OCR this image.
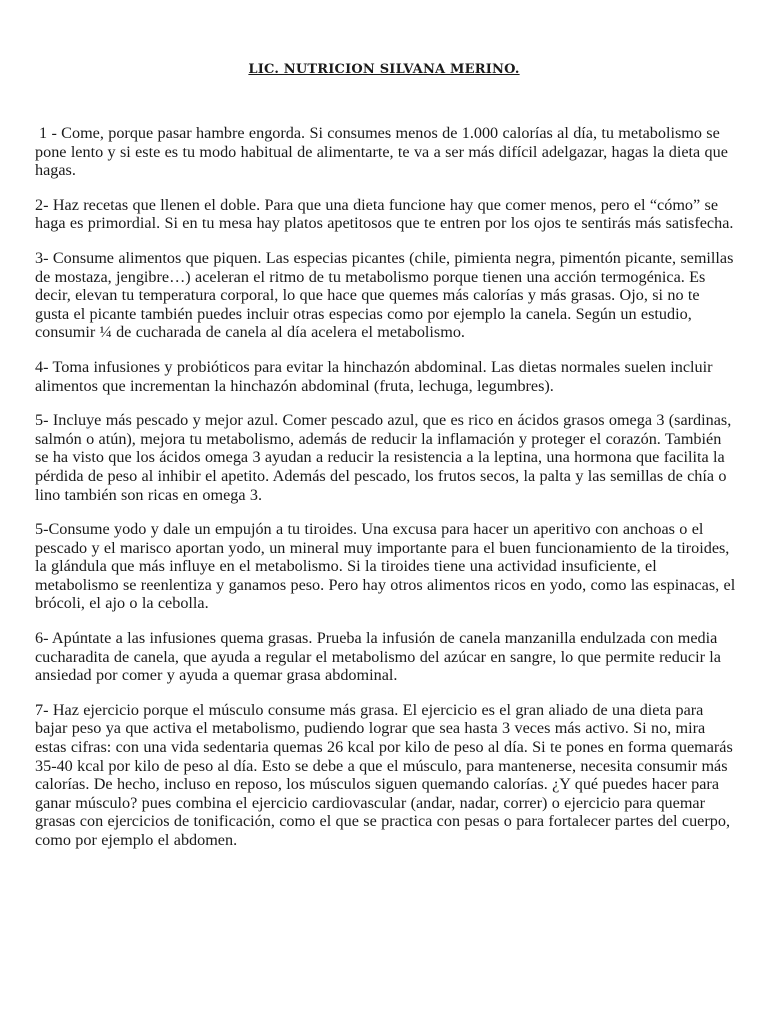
LIC. NUTRICION SILVANA MERINO.

1 - Come, porque pasar hambre engorda. Si consumes menos de 1.000 calorías al día, tu metabolismo se pone lento y si este es tu modo habitual de alimentarte, te va a ser más difícil adelgazar, hagas la dieta que hagas.

2- Haz recetas que llenen el doble. Para que una dieta funcione hay que comer menos, pero el “cómo” se haga es primordial. Si en tu mesa hay platos apetitosos que te entren por los ojos te sentirás más satisfecha.

3- Consume alimentos que piquen. Las especias picantes (chile, pimienta negra, pimentón picante, semillas de mostaza, jengibre…) aceleran el ritmo de tu metabolismo porque tienen una acción termogénica. Es decir, elevan tu temperatura corporal, lo que hace que quemes más calorías y más grasas. Ojo, si no te gusta el picante también puedes incluir otras especias como por ejemplo la canela. Según un estudio, consumir ¼ de cucharada de canela al día acelera el metabolismo.

4- Toma infusiones y probióticos para evitar la hinchazón abdominal. Las dietas normales suelen incluir alimentos que incrementan la hinchazón abdominal (fruta, lechuga, legumbres).

5- Incluye más pescado y mejor azul. Comer pescado azul, que es rico en ácidos grasos omega 3 (sardinas, salmón o atún), mejora tu metabolismo, además de reducir la inflamación y proteger el corazón. También se ha visto que los ácidos omega 3 ayudan a reducir la resistencia a la leptina, una hormona que facilita la pérdida de peso al inhibir el apetito. Además del pescado, los frutos secos, la palta y las semillas de chía o lino también son ricas en omega 3.

5-Consume yodo y dale un empujón a tu tiroides. Una excusa para hacer un aperitivo con anchoas o el pescado y el marisco aportan yodo, un mineral muy importante para el buen funcionamiento de la tiroides, la glándula que más influye en el metabolismo. Si la tiroides tiene una actividad insuficiente, el metabolismo se reenlentiza y ganamos peso. Pero hay otros alimentos ricos en yodo, como las espinacas, el brócoli, el ajo o la cebolla.

6- Apúntate a las infusiones quema grasas. Prueba la infusión de canela manzanilla endulzada con media cucharadita de canela, que ayuda a regular el metabolismo del azúcar en sangre, lo que permite reducir la ansiedad por comer y ayuda a quemar grasa abdominal.

7- Haz ejercicio porque el músculo consume más grasa. El ejercicio es el gran aliado de una dieta para bajar peso ya que activa el metabolismo, pudiendo lograr que sea hasta 3 veces más activo. Si no, mira estas cifras: con una vida sedentaria quemas 26 kcal por kilo de peso al día. Si te pones en forma quemarás 35-40 kcal por kilo de peso al día. Esto se debe a que el músculo, para mantenerse, necesita consumir más calorías. De hecho, incluso en reposo, los músculos siguen quemando calorías. ¿Y qué puedes hacer para ganar músculo? pues combina el ejercicio cardiovascular (andar, nadar, correr) o ejercicio para quemar grasas con ejercicios de tonificación, como el que se practica con pesas o para fortalecer partes del cuerpo, como por ejemplo el abdomen.
